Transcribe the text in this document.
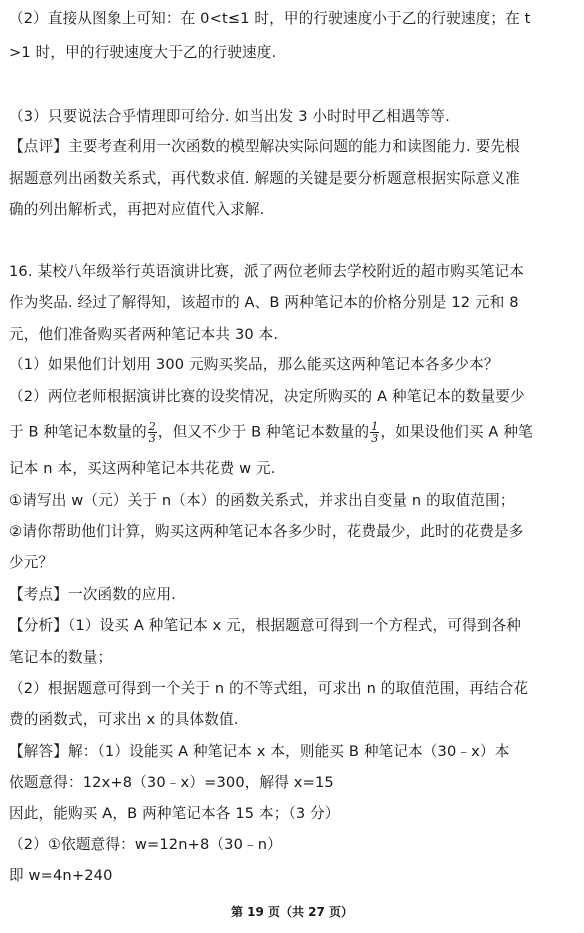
（2）直接从图象上可知：在 0<t≤1 时，甲的行驶速度小于乙的行驶速度；在 t
>1 时，甲的行驶速度大于乙的行驶速度.
（3）只要说法合乎情理即可给分. 如当出发 3 小时时甲乙相遇等等.
【点评】主要考查利用一次函数的模型解决实际问题的能力和读图能力. 要先根
据题意列出函数关系式，再代数求值. 解题的关键是要分析题意根据实际意义准
确的列出解析式，再把对应值代入求解.
16. 某校八年级举行英语演讲比赛，派了两位老师去学校附近的超市购买笔记本
作为奖品. 经过了解得知，该超市的 A、B 两种笔记本的价格分别是 12 元和 8
元，他们准备购买者两种笔记本共 30 本.
（1）如果他们计划用 300 元购买奖品，那么能买这两种笔记本各多少本？
（2）两位老师根据演讲比赛的设奖情况，决定所购买的 A 种笔记本的数量要少
于 B 种笔记本数量的 $\frac{2}{3}$ ，但又不少于 B 种笔记本数量的 $\frac{1}{3}$ ，如果设他们买 A 种笔
记本 n 本，买这两种笔记本共花费 w 元.
①请写出 w（元）关于 n（本）的函数关系式，并求出自变量 n 的取值范围；
②请你帮助他们计算，购买这两种笔记本各多少时，花费最少，此时的花费是多
少元？
【考点】一次函数的应用.
【分析】（1）设买 A 种笔记本 x 元，根据题意可得到一个方程式，可得到各种
笔记本的数量；
（2）根据题意可得到一个关于 n 的不等式组，可求出 n 的取值范围，再结合花
费的函数式，可求出 x 的具体数值.
【解答】解：（1）设能买 A 种笔记本 x 本，则能买 B 种笔记本（30﹣x）本
依题意得：12x+8（30﹣x）=300，解得 x=15
因此，能购买 A，B 两种笔记本各 15 本；（3 分）
（2）①依题意得：w=12n+8（30﹣n）
即 w=4n+240
第 19 页（共 27 页）
